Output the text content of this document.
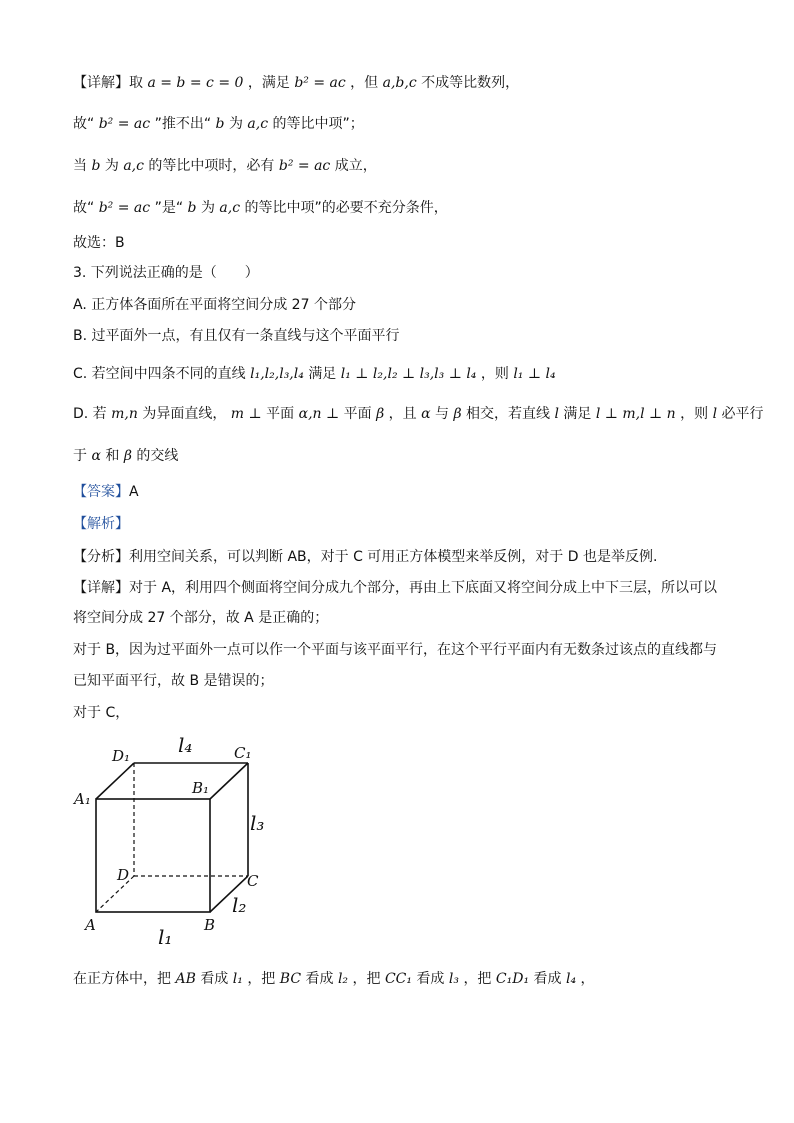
【详解】取 a = b = c = 0 ，满足 b² = ac ，但 a,b,c 不成等比数列，
故“ b² = ac ”推不出“ b 为 a,c 的等比中项”；
当 b 为 a,c 的等比中项时，必有 b² = ac 成立，
故“ b² = ac ”是“ b 为 a,c 的等比中项”的必要不充分条件，
故选：B
3. 下列说法正确的是（　　）
A. 正方体各面所在平面将空间分成 27 个部分
B. 过平面外一点，有且仅有一条直线与这个平面平行
C. 若空间中四条不同的直线 l₁,l₂,l₃,l₄ 满足 l₁ ⊥ l₂,l₂ ⊥ l₃,l₃ ⊥ l₄ ，则 l₁ ⊥ l₄
D. 若 m,n 为异面直线， m ⊥ 平面 α,n ⊥ 平面 β ，且 α 与 β 相交，若直线 l 满足 l ⊥ m,l ⊥ n ，则 l 必平行
于 α 和 β 的交线
【答案】A
【解析】
【分析】利用空间关系，可以判断 AB，对于 C 可用正方体模型来举反例，对于 D 也是举反例.
【详解】对于 A，利用四个侧面将空间分成九个部分，再由上下底面又将空间分成上中下三层，所以可以
将空间分成 27 个部分，故 A 是正确的；
对于 B，因为过平面外一点可以作一个平面与该平面平行，在这个平行平面内有无数条过该点的直线都与
已知平面平行，故 B 是错误的；
对于 C，
D₁	C₁
A₁
B₁
D	C
A	B
l₄
l₃
l₂
l₁
在正方体中，把 AB 看成 l₁ ，把 BC 看成 l₂ ，把 CC₁ 看成 l₃ ，把 C₁D₁ 看成 l₄ ，
